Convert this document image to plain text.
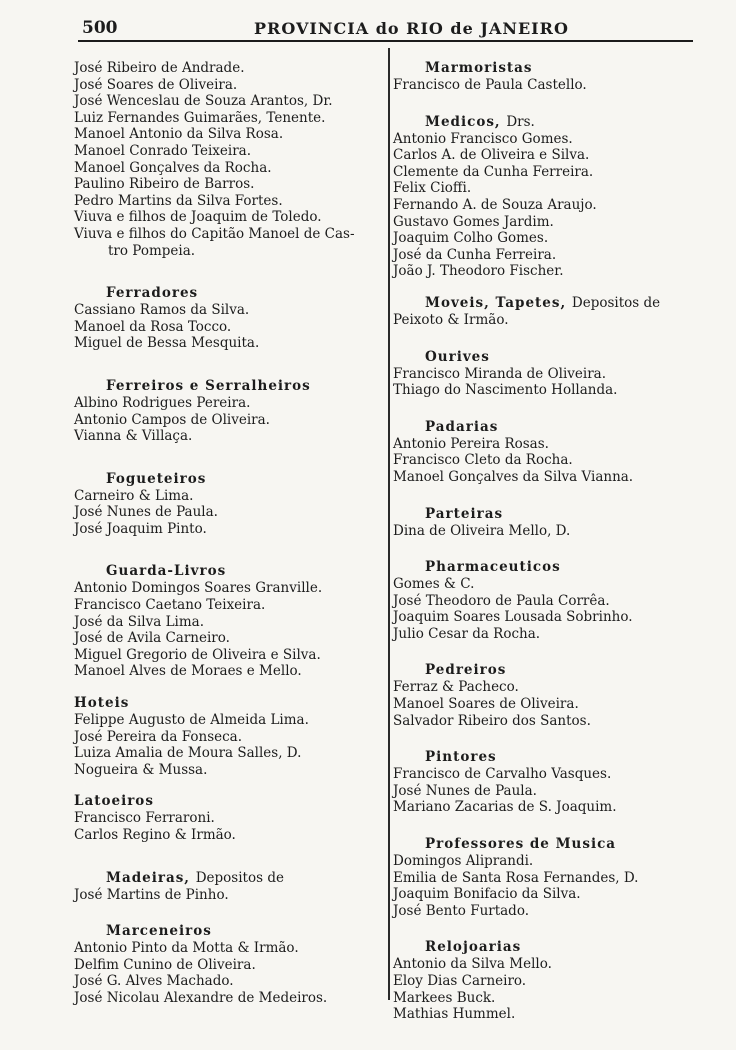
500	PROVINCIA do RIO de JANEIRO
José Ribeiro de Andrade.
José Soares de Oliveira.
José Wenceslau de Souza Arantos, Dr.
Luiz Fernandes Guimarães, Tenente.
Manoel Antonio da Silva Rosa.
Manoel Conrado Teixeira.
Manoel Gonçalves da Rocha.
Paulino Ribeiro de Barros.
Pedro Martins da Silva Fortes.
Viuva e filhos de Joaquim de Toledo.
Viuva e filhos do Capitão Manoel de Cas-
tro Pompeia.
Ferradores
Cassiano Ramos da Silva.
Manoel da Rosa Tocco.
Miguel de Bessa Mesquita.
Ferreiros e Serralheiros
Albino Rodrigues Pereira.
Antonio Campos de Oliveira.
Vianna & Villaça.
Fogueteiros
Carneiro & Lima.
José Nunes de Paula.
José Joaquim Pinto.
Guarda-Livros
Antonio Domingos Soares Granville.
Francisco Caetano Teixeira.
José da Silva Lima.
José de Avila Carneiro.
Miguel Gregorio de Oliveira e Silva.
Manoel Alves de Moraes e Mello.
Hoteis
Felippe Augusto de Almeida Lima.
José Pereira da Fonseca.
Luiza Amalia de Moura Salles, D.
Nogueira & Mussa.
Latoeiros
Francisco Ferraroni.
Carlos Regino & Irmão.
Madeiras, Depositos de
José Martins de Pinho.
Marceneiros
Antonio Pinto da Motta & Irmão.
Delfim Cunino de Oliveira.
José G. Alves Machado.
José Nicolau Alexandre de Medeiros.
Marmoristas
Francisco de Paula Castello.
Medicos, Drs.
Antonio Francisco Gomes.
Carlos A. de Oliveira e Silva.
Clemente da Cunha Ferreira.
Felix Cioffi.
Fernando A. de Souza Araujo.
Gustavo Gomes Jardim.
Joaquim Colho Gomes.
José da Cunha Ferreira.
João J. Theodoro Fischer.
Moveis, Tapetes, Depositos de
Peixoto & Irmão.
Ourives
Francisco Miranda de Oliveira.
Thiago do Nascimento Hollanda.
Padarias
Antonio Pereira Rosas.
Francisco Cleto da Rocha.
Manoel Gonçalves da Silva Vianna.
Parteiras
Dina de Oliveira Mello, D.
Pharmaceuticos
Gomes & C.
José Theodoro de Paula Corrêa.
Joaquim Soares Lousada Sobrinho.
Julio Cesar da Rocha.
Pedreiros
Ferraz & Pacheco.
Manoel Soares de Oliveira.
Salvador Ribeiro dos Santos.
Pintores
Francisco de Carvalho Vasques.
José Nunes de Paula.
Mariano Zacarias de S. Joaquim.
Professores de Musica
Domingos Aliprandi.
Emilia de Santa Rosa Fernandes, D.
Joaquim Bonifacio da Silva.
José Bento Furtado.
Relojoarias
Antonio da Silva Mello.
Eloy Dias Carneiro.
Markees Buck.
Mathias Hummel.
